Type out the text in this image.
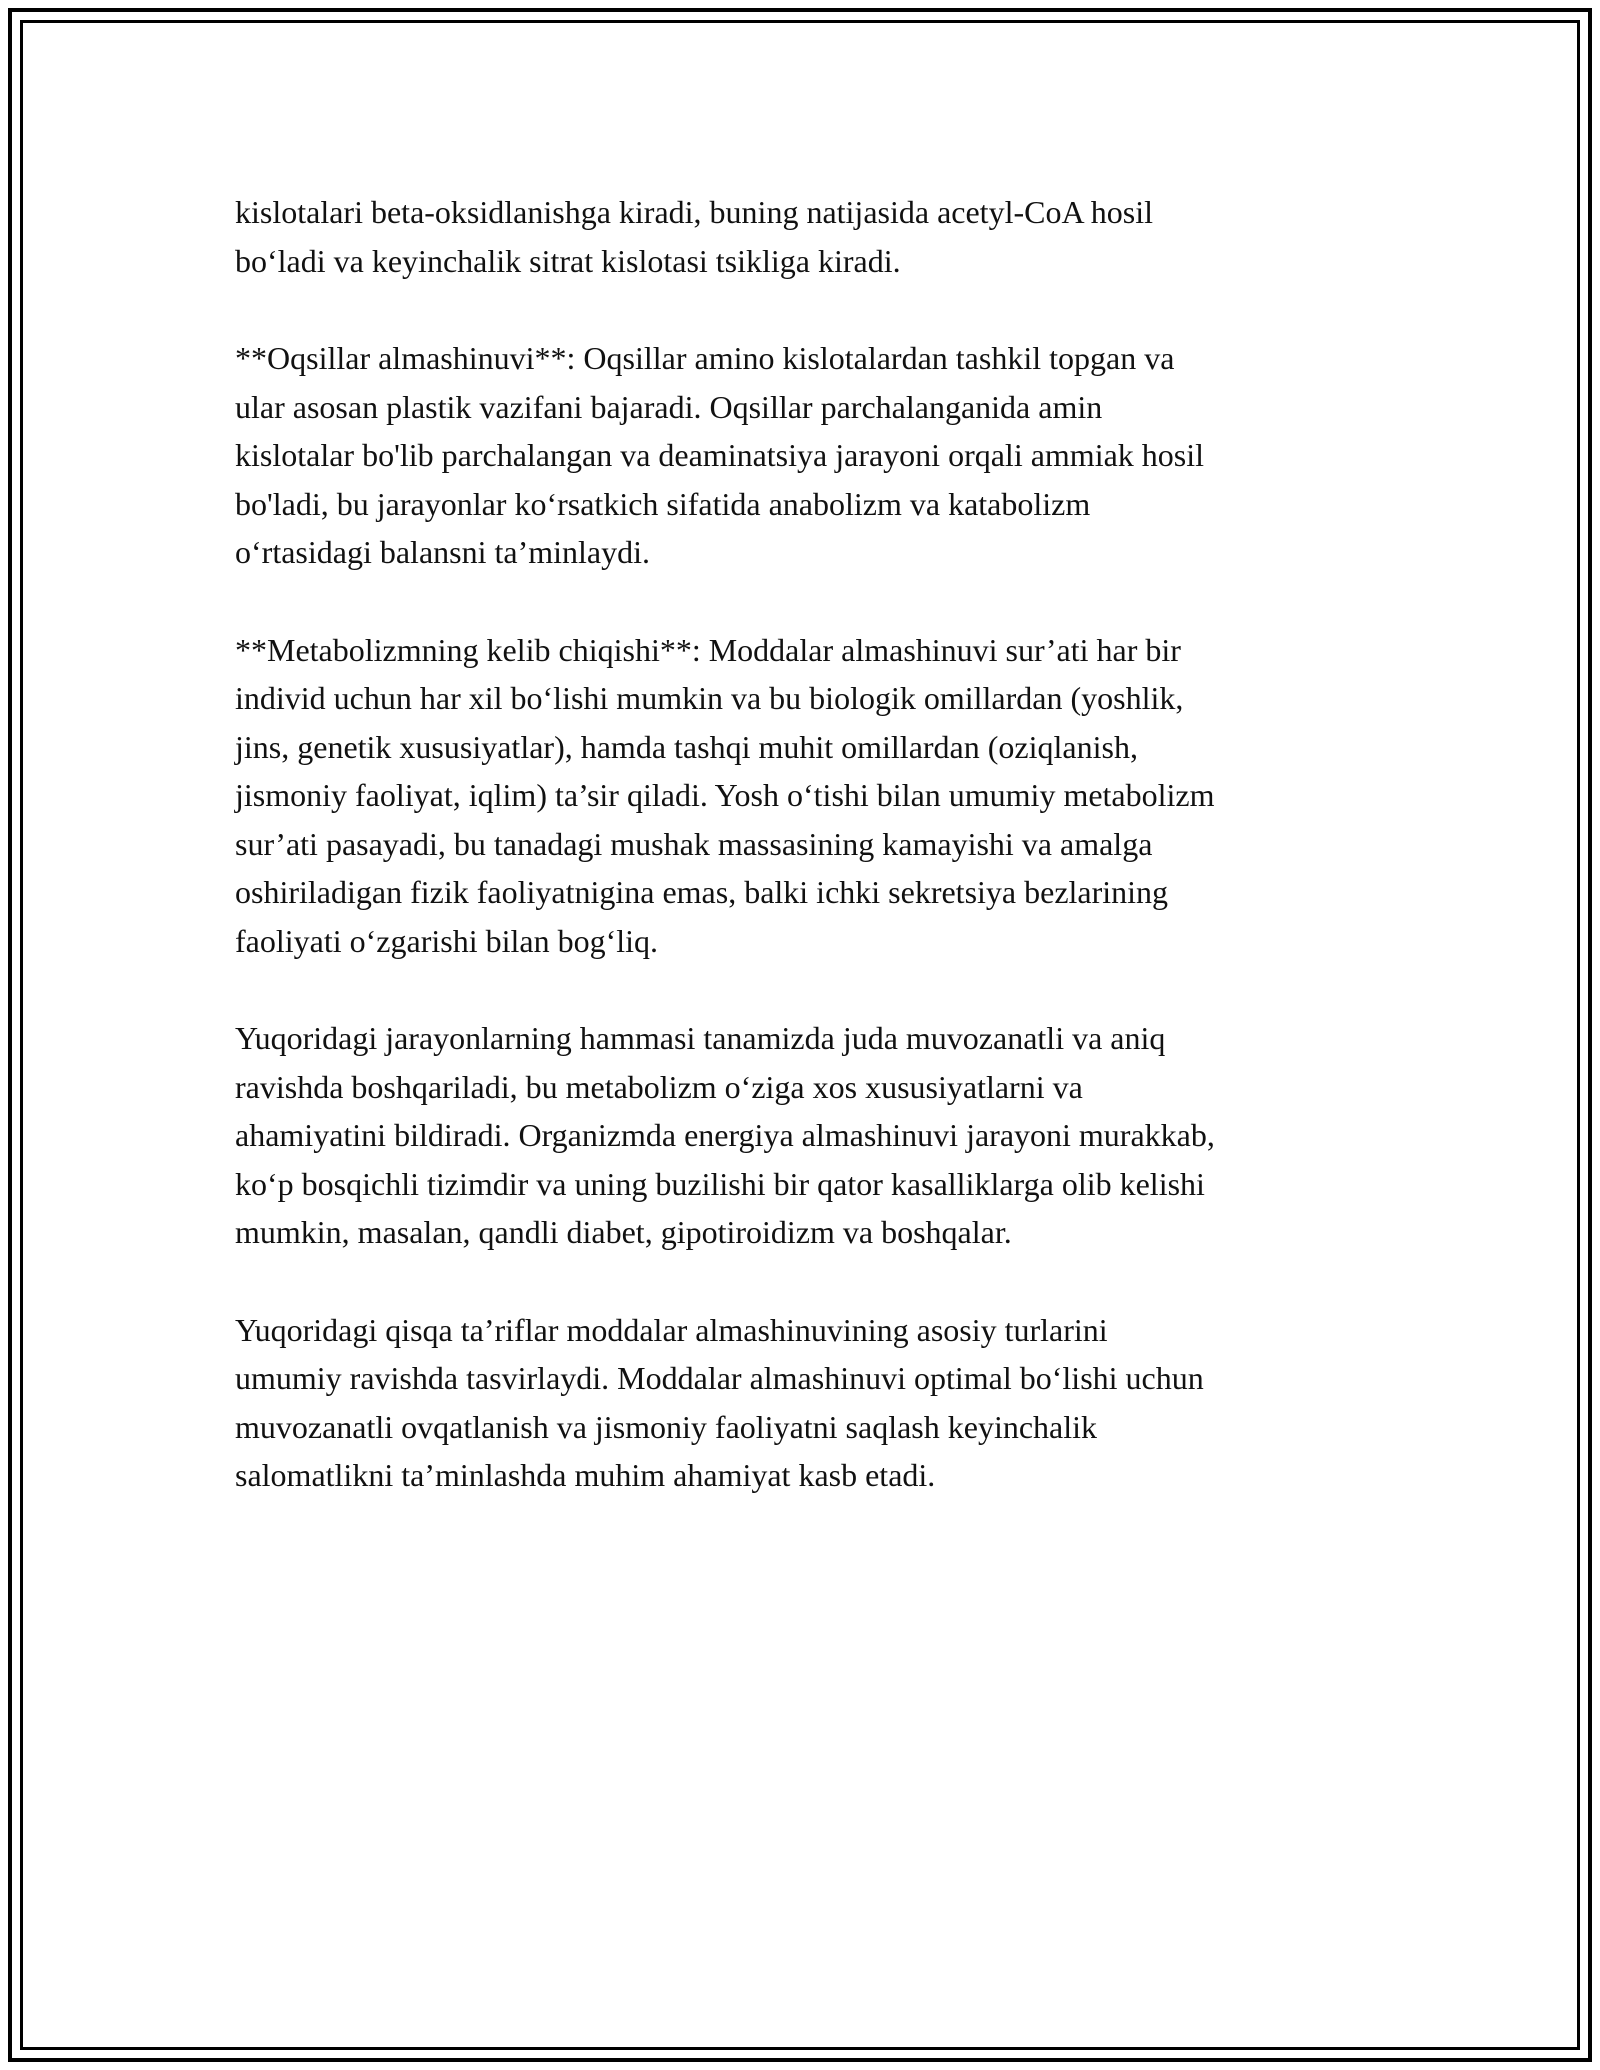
kislotalari beta-oksidlanishga kiradi, buning natijasida acetyl-CoA hosil
bo‘ladi va keyinchalik sitrat kislotasi tsikliga kiradi.

**Oqsillar almashinuvi**: Oqsillar amino kislotalardan tashkil topgan va
ular asosan plastik vazifani bajaradi. Oqsillar parchalanganida amin
kislotalar bo'lib parchalangan va deaminatsiya jarayoni orqali ammiak hosil
bo'ladi, bu jarayonlar ko‘rsatkich sifatida anabolizm va katabolizm
o‘rtasidagi balansni ta’minlaydi.

**Metabolizmning kelib chiqishi**: Moddalar almashinuvi sur’ati har bir
individ uchun har xil bo‘lishi mumkin va bu biologik omillardan (yoshlik,
jins, genetik xususiyatlar), hamda tashqi muhit omillardan (oziqlanish,
jismoniy faoliyat, iqlim) ta’sir qiladi. Yosh o‘tishi bilan umumiy metabolizm
sur’ati pasayadi, bu tanadagi mushak massasining kamayishi va amalga
oshiriladigan fizik faoliyatnigina emas, balki ichki sekretsiya bezlarining
faoliyati o‘zgarishi bilan bog‘liq.

Yuqoridagi jarayonlarning hammasi tanamizda juda muvozanatli va aniq
ravishda boshqariladi, bu metabolizm o‘ziga xos xususiyatlarni va
ahamiyatini bildiradi. Organizmda energiya almashinuvi jarayoni murakkab,
ko‘p bosqichli tizimdir va uning buzilishi bir qator kasalliklarga olib kelishi
mumkin, masalan, qandli diabet, gipotiroidizm va boshqalar.

Yuqoridagi qisqa ta’riflar moddalar almashinuvining asosiy turlarini
umumiy ravishda tasvirlaydi. Moddalar almashinuvi optimal bo‘lishi uchun
muvozanatli ovqatlanish va jismoniy faoliyatni saqlash keyinchalik
salomatlikni ta’minlashda muhim ahamiyat kasb etadi.
